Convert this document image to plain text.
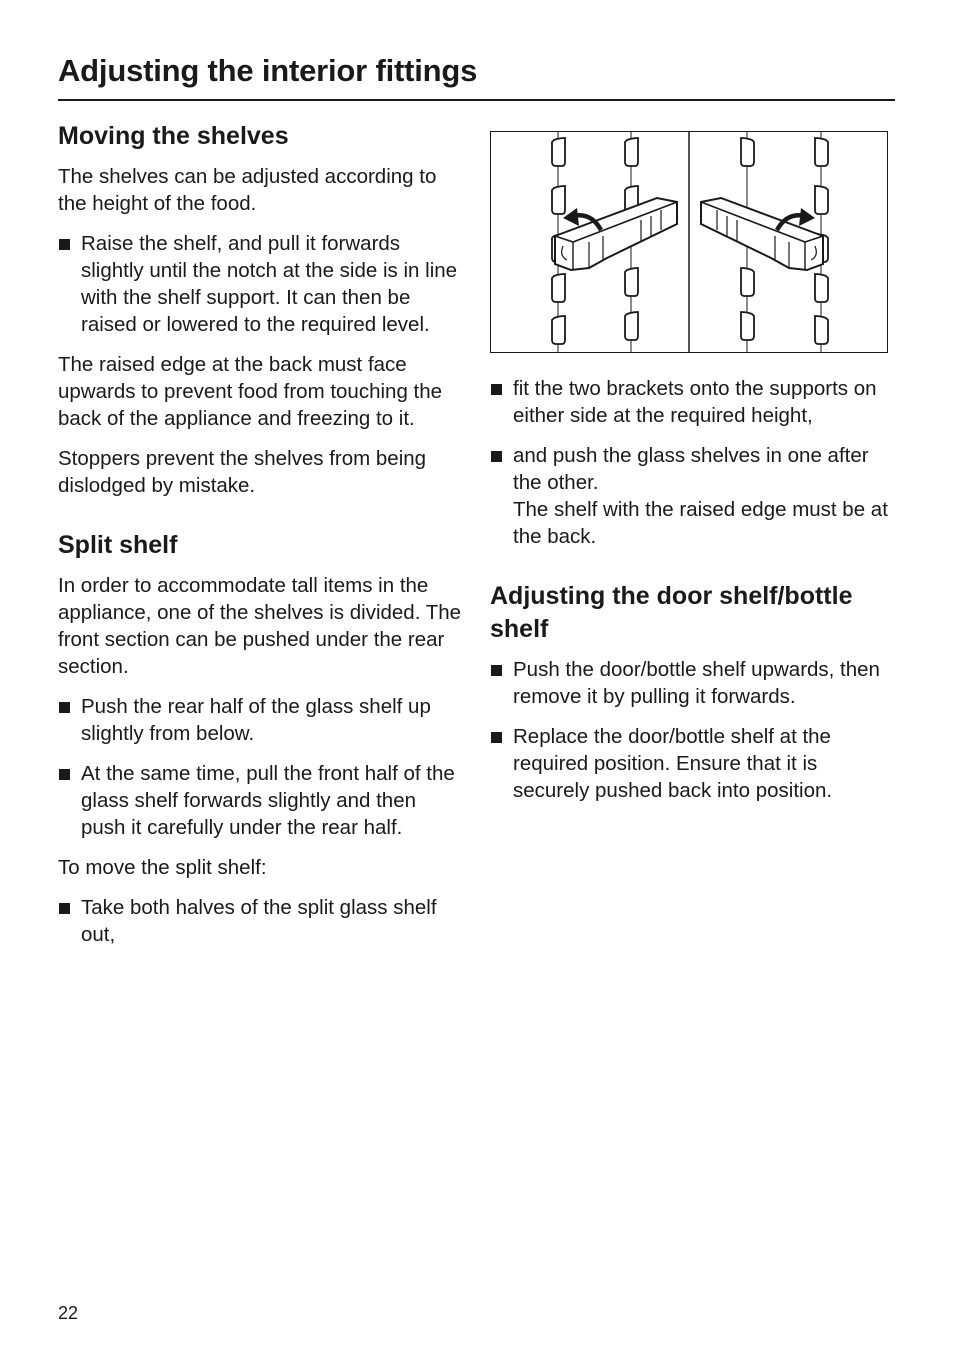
Adjusting the interior fittings
Moving the shelves

The shelves can be adjusted according to the height of the food.

Raise the shelf, and pull it forwards slightly until the notch at the side is in line with the shelf support. It can then be raised or lowered to the required level.

The raised edge at the back must face upwards to prevent food from touching the back of the appliance and freezing to it.

Stoppers prevent the shelves from being dislodged by mistake.

Split shelf

In order to accommodate tall items in the appliance, one of the shelves is divided. The front section can be pushed under the rear section.

Push the rear half of the glass shelf up slightly from below.
At the same time, pull the front half of the glass shelf forwards slightly and then push it carefully under the rear half.

To move the split shelf:

Take both halves of the split glass shelf out,
fit the two brackets onto the supports on either side at the required height,
and push the glass shelves in one after the other.
The shelf with the raised edge must be at the back.
Adjusting the door shelf/bottle shelf
Push the door/bottle shelf upwards, then remove it by pulling it forwards.
Replace the door/bottle shelf at the required position. Ensure that it is securely pushed back into position.
22
